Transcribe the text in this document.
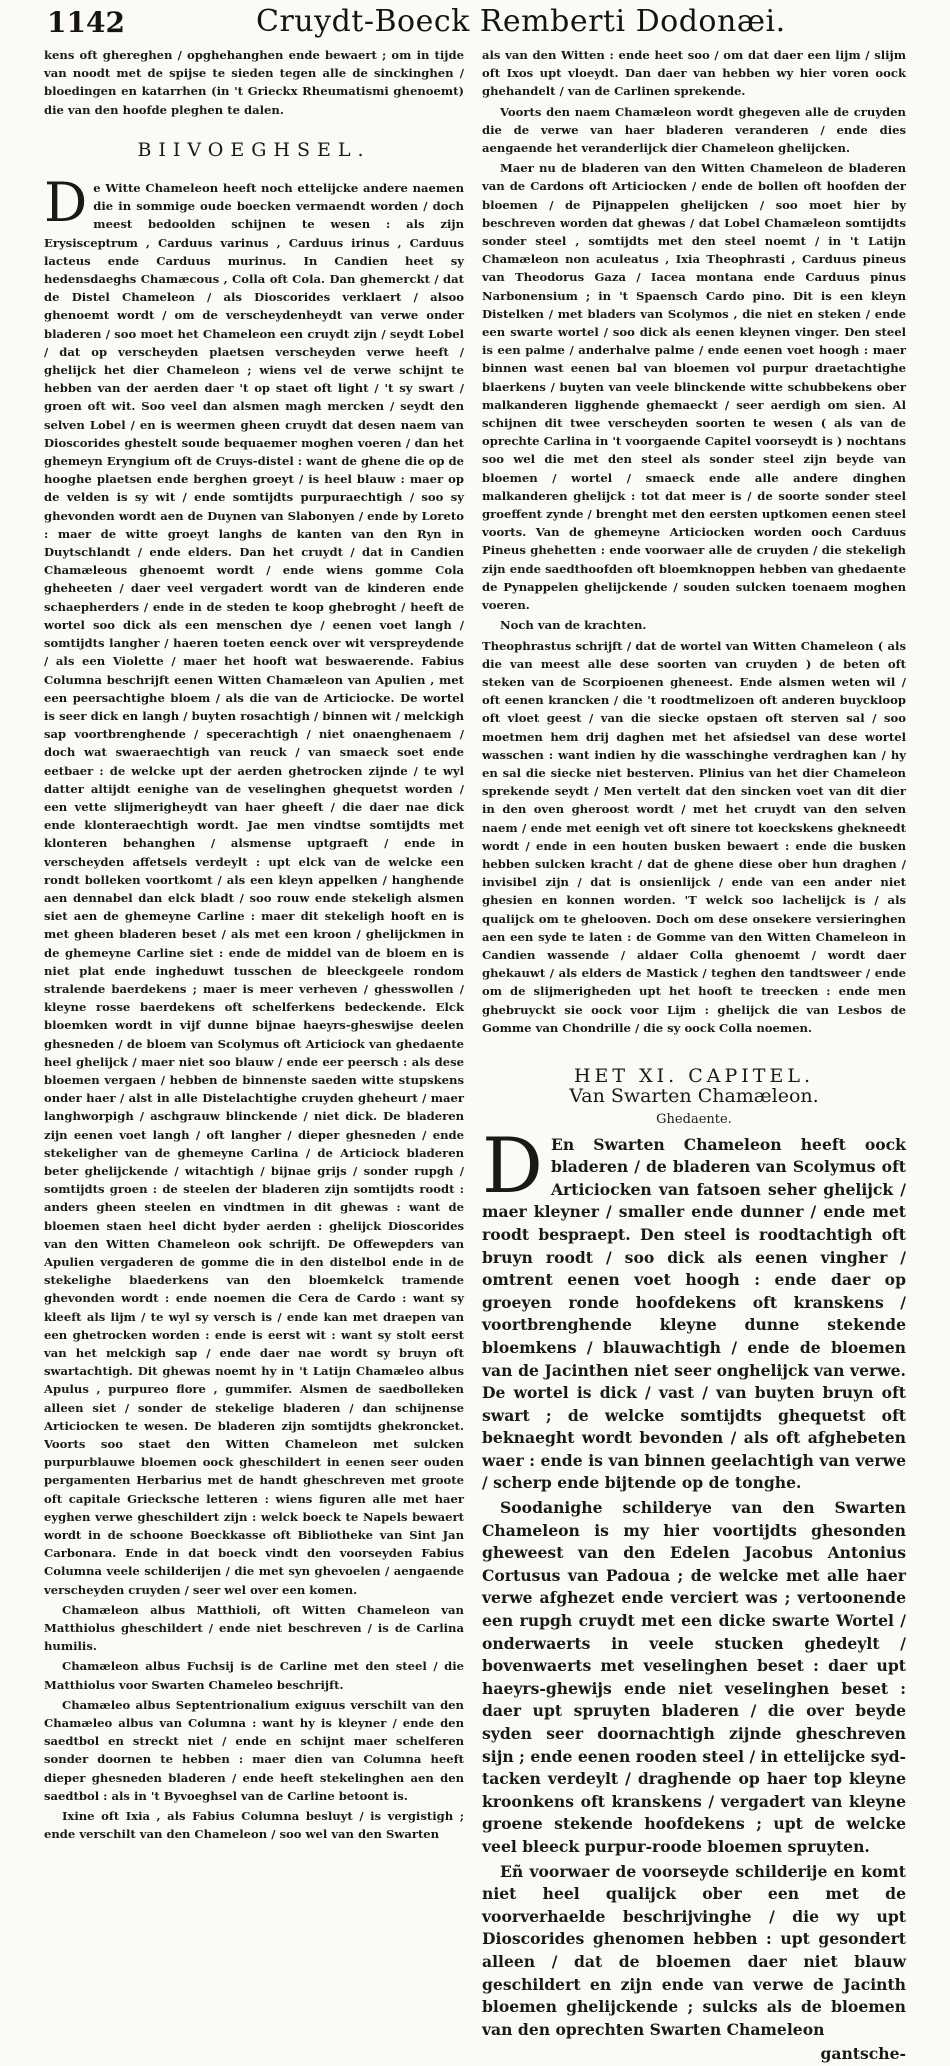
1142	Cruydt-Boeck Remberti Dodonæi.

kens oft ghereghen / opghehanghen ende bewaert ; om in tijde van noodt met de spijse te sieden tegen alle de sinckinghen / bloedingen en katarrhen (in 't Grieckx Rheumatismi ghenoemt) die van den hoofde pleghen te dalen.

BIIVOEGHSEL.

De Witte Chameleon heeft noch ettelijcke andere naemen die in sommige oude boecken vermaendt worden / doch meest bedoolden schijnen te wesen : als zijn Erysisceptrum , Carduus varinus , Carduus irinus , Carduus lacteus ende Carduus murinus. In Candien heet sy hedensdaeghs Chamæcous , Colla oft Cola. Dan ghemerckt / dat de Distel Chameleon / als Dioscorides verklaert / alsoo ghenoemt wordt / om de verscheydenheydt van verwe onder bladeren / soo moet het Chameleon een cruydt zijn / seydt Lobel / dat op verscheyden plaetsen verscheyden verwe heeft / ghelijck het dier Chameleon ; wiens vel de verwe schijnt te hebben van der aerden daer 't op staet oft light / 't sy swart / groen oft wit. Soo veel dan alsmen magh mercken / seydt den selven Lobel / en is weermen gheen cruydt dat desen naem van Dioscorides ghestelt soude bequaemer moghen voeren / dan het ghemeyn Eryngium oft de Cruys-distel : want de ghene die op de hooghe plaetsen ende berghen groeyt / is heel blauw : maer op de velden is sy wit / ende somtijdts purpuraechtigh / soo sy ghevonden wordt aen de Duynen van Slabonyen / ende by Loreto : maer de witte groeyt langhs de kanten van den Ryn in Duytschlandt / ende elders. Dan het cruydt / dat in Candien Chamæleous ghenoemt wordt / ende wiens gomme Cola gheheeten / daer veel vergadert wordt van de kinderen ende schaepherders / ende in de steden te koop ghebroght / heeft de wortel soo dick als een menschen dye / eenen voet langh / somtijdts langher / haeren toeten eenck over wit verspreydende / als een Violette / maer het hooft wat beswaerende. Fabius Columna beschrijft eenen Witten Chamæleon van Apulien , met een peersachtighe bloem / als die van de Articiocke. De wortel is seer dick en langh / buyten rosachtigh / binnen wit / melckigh sap voortbrenghende / specerachtigh / niet onaenghenaem / doch wat swaeraechtigh van reuck / van smaeck soet ende eetbaer : de welcke upt der aerden ghetrocken zijnde / te wyl datter altijdt eenighe van de veselinghen ghequetst worden / een vette slijmerigheydt van haer gheeft / die daer nae dick ende klonteraechtigh wordt. Jae men vindtse somtijdts met klonteren behanghen / alsmense uptgraeft / ende in verscheyden affetsels verdeylt : upt elck van de welcke een rondt bolleken voortkomt / als een kleyn appelken / hanghende aen dennabel dan elck bladt / soo rouw ende stekeligh alsmen siet aen de ghemeyne Carline : maer dit stekeligh hooft en is met gheen bladeren beset / als met een kroon / ghelijckmen in de ghemeyne Carline siet : ende de middel van de bloem en is niet plat ende ingheduwt tusschen de bleeckgeele rondom stralende baerdekens ; maer is meer verheven / ghesswollen / kleyne rosse baerdekens oft schelferkens bedeckende. Elck bloemken wordt in vijf dunne bijnae haeyrs-gheswijse deelen ghesneden / de bloem van Scolymus oft Articiock van ghedaente heel ghelijck / maer niet soo blauw / ende eer peersch : als dese bloemen vergaen / hebben de binnenste saeden witte stupskens onder haer / alst in alle Distelachtighe cruyden gheheurt / maer langhworpigh / aschgrauw blinckende / niet dick. De bladeren zijn eenen voet langh / oft langher / dieper ghesneden / ende stekeligher van de ghemeyne Carlina / de Articiock bladeren beter ghelijckende / witachtigh / bijnae grijs / sonder rupgh / somtijdts groen : de steelen der bladeren zijn somtijdts roodt : anders gheen steelen en vindtmen in dit ghewas : want de bloemen staen heel dicht byder aerden : ghelijck Dioscorides van den Witten Chameleon ook schrijft. De Offewepders van Apulien vergaderen de gomme die in den distelbol ende in de stekelighe blaederkens van den bloemkelck tramende ghevonden wordt : ende noemen die Cera de Cardo : want sy kleeft als lijm / te wyl sy versch is / ende kan met draepen van een ghetrocken worden : ende is eerst wit : want sy stolt eerst van het melckigh sap / ende daer nae wordt sy bruyn oft swartachtigh. Dit ghewas noemt hy in 't Latijn Chamæleo albus Apulus , purpureo flore , gummifer. Alsmen de saedbolleken alleen siet / sonder de stekelige bladeren / dan schijnense Articiocken te wesen. De bladeren zijn somtijdts ghekroncket. Voorts soo staet den Witten Chameleon met sulcken purpurblauwe bloemen oock gheschildert in eenen seer ouden pergamenten Herbarius met de handt gheschreven met groote oft capitale Griecksche letteren : wiens figuren alle met haer eyghen verwe gheschildert zijn : welck boeck te Napels bewaert wordt in de schoone Boeckkasse oft Bibliotheke van Sint Jan Carbonara. Ende in dat boeck vindt den voorseyden Fabius Columna veele schilderijen / die met syn ghevoelen / aengaende verscheyden cruyden / seer wel over een komen.

Chamæleon albus Matthioli, oft Witten Chameleon van Matthiolus gheschildert / ende niet beschreven / is de Carlina humilis.

Chamæleon albus Fuchsij is de Carline met den steel / die Matthiolus voor Swarten Chameleo beschrijft.

Chamæleo albus Septentrionalium exiguus verschilt van den Chamæleo albus van Columna : want hy is kleyner / ende den saedtbol en streckt niet / ende en schijnt maer schelferen sonder doornen te hebben : maer dien van Columna heeft dieper ghesneden bladeren / ende heeft stekelinghen aen den saedtbol : als in 't Byvoeghsel van de Carline betoont is.

Ixine oft Ixia , als Fabius Columna besluyt / is vergistigh ; ende verschilt van den Chameleon / soo wel van den Swarten

als van den Witten : ende heet soo / om dat daer een lijm / slijm oft Ixos upt vloeydt. Dan daer van hebben wy hier voren oock ghehandelt / van de Carlinen sprekende.

Voorts den naem Chamæleon wordt ghegeven alle de cruyden die de verwe van haer bladeren veranderen / ende dies aengaende het veranderlijck dier Chameleon ghelijcken.

Maer nu de bladeren van den Witten Chameleon de bladeren van de Cardons oft Articiocken / ende de bollen oft hoofden der bloemen / de Pijnappelen ghelijcken / soo moet hier by beschreven worden dat ghewas / dat Lobel Chamæleon somtijdts sonder steel , somtijdts met den steel noemt / in 't Latijn Chamæleon non aculeatus , Ixia Theophrasti , Carduus pineus van Theodorus Gaza / Iacea montana ende Carduus pinus Narbonensium ; in 't Spaensch Cardo pino. Dit is een kleyn Distelken / met bladers van Scolymos , die niet en steken / ende een swarte wortel / soo dick als eenen kleynen vinger. Den steel is een palme / anderhalve palme / ende eenen voet hoogh : maer binnen wast eenen bal van bloemen vol purpur draetachtighe blaerkens / buyten van veele blinckende witte schubbekens ober malkanderen ligghende ghemaeckt / seer aerdigh om sien. Al schijnen dit twee verscheyden soorten te wesen ( als van de oprechte Carlina in 't voorgaende Capitel voorseydt is ) nochtans soo wel die met den steel als sonder steel zijn beyde van bloemen / wortel / smaeck ende alle andere dinghen malkanderen ghelijck : tot dat meer is / de soorte sonder steel groeffent zynde / brenght met den eersten uptkomen eenen steel voorts. Van de ghemeyne Articiocken worden ooch Carduus Pineus ghehetten : ende voorwaer alle de cruyden / die stekeligh zijn ende saedthoofden oft bloemknoppen hebben van ghedaente de Pynappelen ghelijckende / souden sulcken toenaem moghen voeren.

Noch van de krachten.

Theophrastus schrijft / dat de wortel van Witten Chameleon ( als die van meest alle dese soorten van cruyden ) de beten oft steken van de Scorpioenen gheneest. Ende alsmen weten wil / oft eenen krancken / die 't roodtmelizoen oft anderen buyckloop oft vloet geest / van die siecke opstaen oft sterven sal / soo moetmen hem drij daghen met het afsiedsel van dese wortel wasschen : want indien hy die wasschinghe verdraghen kan / hy en sal die siecke niet besterven. Plinius van het dier Chameleon sprekende seydt / Men vertelt dat den sincken voet van dit dier in den oven gheroost wordt / met het cruydt van den selven naem / ende met eenigh vet oft sinere tot koeckskens ghekneedt wordt / ende in een houten busken bewaert : ende die busken hebben sulcken kracht / dat de ghene diese ober hun draghen / invisibel zijn / dat is onsienlijck / ende van een ander niet ghesien en konnen worden. 'T welck soo lachelijck is / als qualijck om te ghelooven. Doch om dese onsekere versieringhen aen een syde te laten : de Gomme van den Witten Chameleon in Candien wassende / aldaer Colla ghenoemt / wordt daer ghekauwt / als elders de Mastick / teghen den tandtsweer / ende om de slijmerigheden upt het hooft te treecken : ende men ghebruyckt sie oock voor Lijm : ghelijck die van Lesbos de Gomme van Chondrille / die sy oock Colla noemen.

HET XI. CAPITEL.
Van Swarten Chamæleon.
Ghedaente.

D En Swarten Chameleon heeft oock bladeren / de bladeren van Scolymus oft Articiocken van fatsoen seher ghelijck / maer kleyner / smaller ende dunner / ende met roodt bespraept. Den steel is roodtachtigh oft bruyn roodt / soo dick als eenen vingher / omtrent eenen voet hoogh : ende daer op groeyen ronde hoofdekens oft kranskens / voortbrenghende kleyne dunne stekende bloemkens / blauwachtigh / ende de bloemen van de Jacinthen niet seer onghelijck van verwe. De wortel is dick / vast / van buyten bruyn oft swart ; de welcke somtijdts ghequetst oft beknaeght wordt bevonden / als oft afghebeten waer : ende is van binnen geelachtigh van verwe / scherp ende bijtende op de tonghe.

Soodanighe schilderye van den Swarten Chameleon is my hier voortijdts ghesonden gheweest van den Edelen Jacobus Antonius Cortusus van Padoua ; de welcke met alle haer verwe afghezet ende verciert was ; vertoonende een rupgh cruydt met een dicke swarte Wortel / onderwaerts in veele stucken ghedeylt / bovenwaerts met veselinghen beset : daer upt haeyrs-ghewijs ende niet veselinghen beset : daer upt spruyten bladeren / die over beyde syden seer doornachtigh zijnde gheschreven sijn ; ende eenen rooden steel / in ettelijcke syd-tacken verdeylt / draghende op haer top kleyne kroonkens oft kranskens / vergadert van kleyne groene stekende hoofdekens ; upt de welcke veel bleeck purpur-roode bloemen spruyten.

Eñ voorwaer de voorseyde schilderije en komt niet heel qualijck ober een met de voorverhaelde beschrijvinghe / die wy upt Dioscorides ghenomen hebben : upt gesondert alleen / dat de bloemen daer niet blauw geschildert en zijn ende van verwe de Jacinth bloemen ghelijckende ; sulcks als de bloemen van den oprechten Swarten Chameleon

gantsche-
